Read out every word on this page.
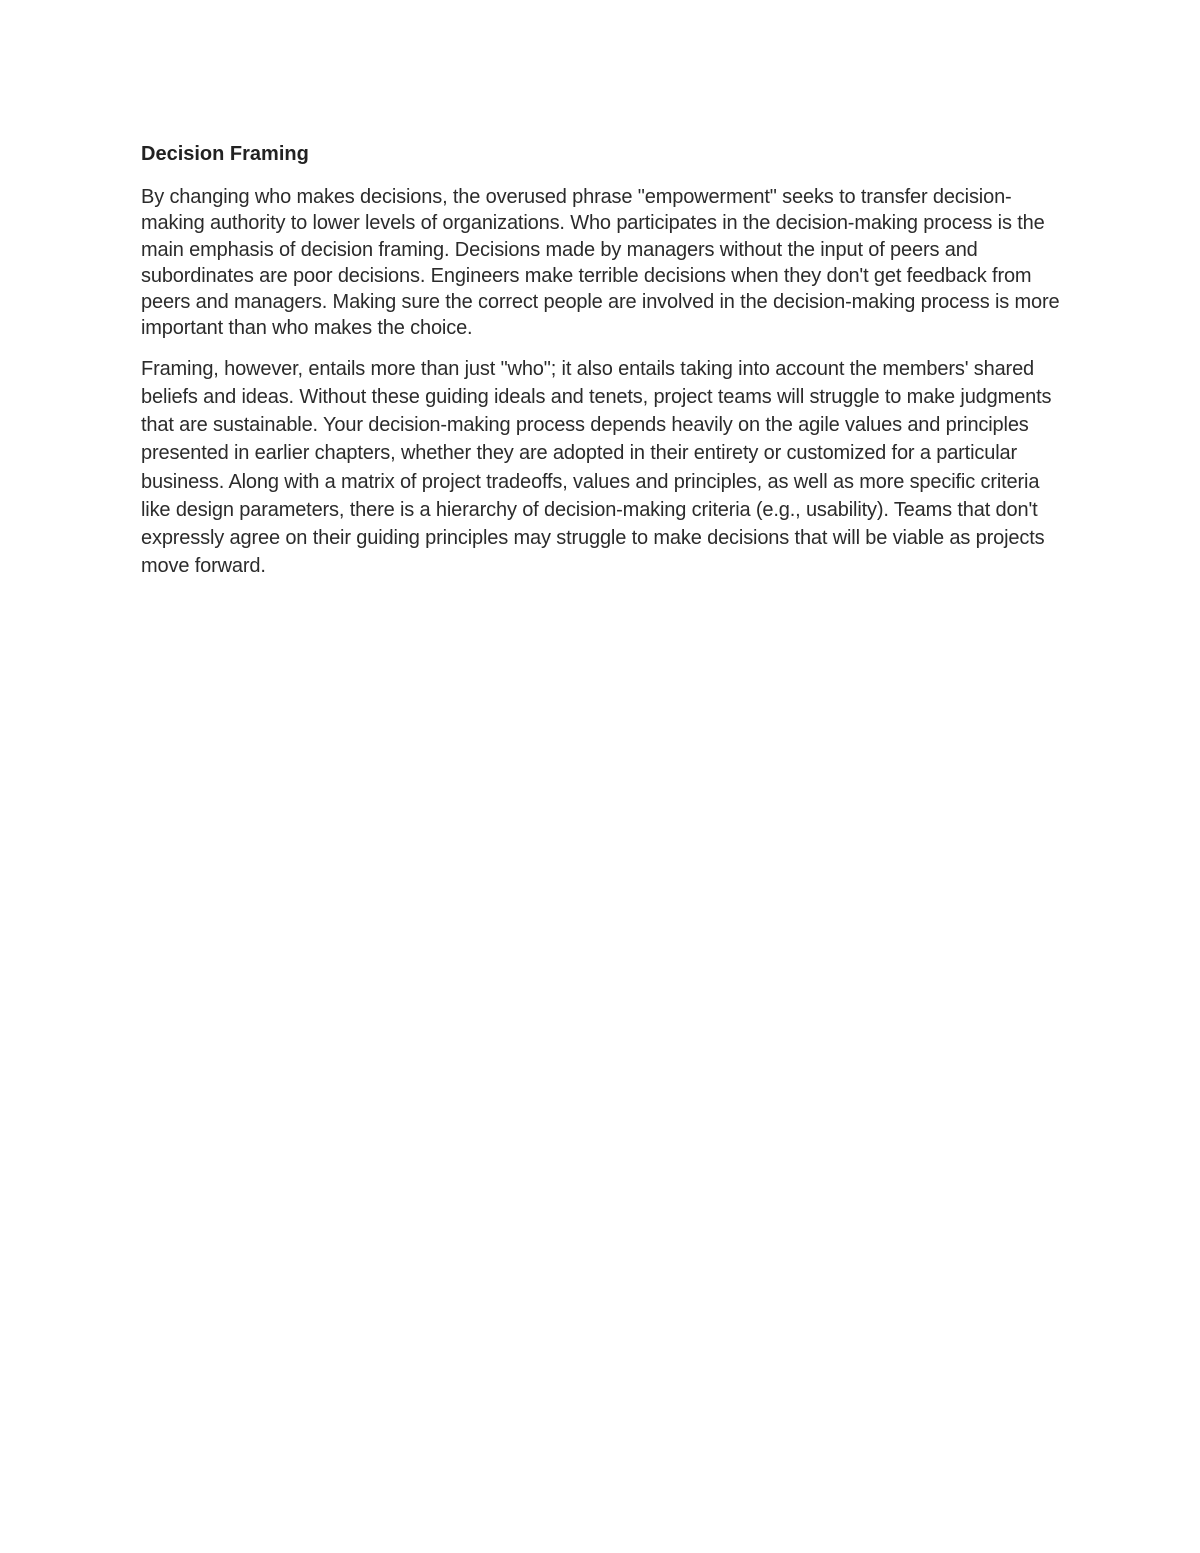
Decision Framing

By changing who makes decisions, the overused phrase "empowerment" seeks to transfer decision-making authority to lower levels of organizations. Who participates in the decision-making process is the main emphasis of decision framing. Decisions made by managers without the input of peers and subordinates are poor decisions. Engineers make terrible decisions when they don't get feedback from peers and managers. Making sure the correct people are involved in the decision-making process is more important than who makes the choice.

Framing, however, entails more than just "who"; it also entails taking into account the members' shared beliefs and ideas. Without these guiding ideals and tenets, project teams will struggle to make judgments that are sustainable. Your decision-making process depends heavily on the agile values and principles presented in earlier chapters, whether they are adopted in their entirety or customized for a particular business. Along with a matrix of project tradeoffs, values and principles, as well as more specific criteria like design parameters, there is a hierarchy of decision-making criteria (e.g., usability). Teams that don't expressly agree on their guiding principles may struggle to make decisions that will be viable as projects move forward.
